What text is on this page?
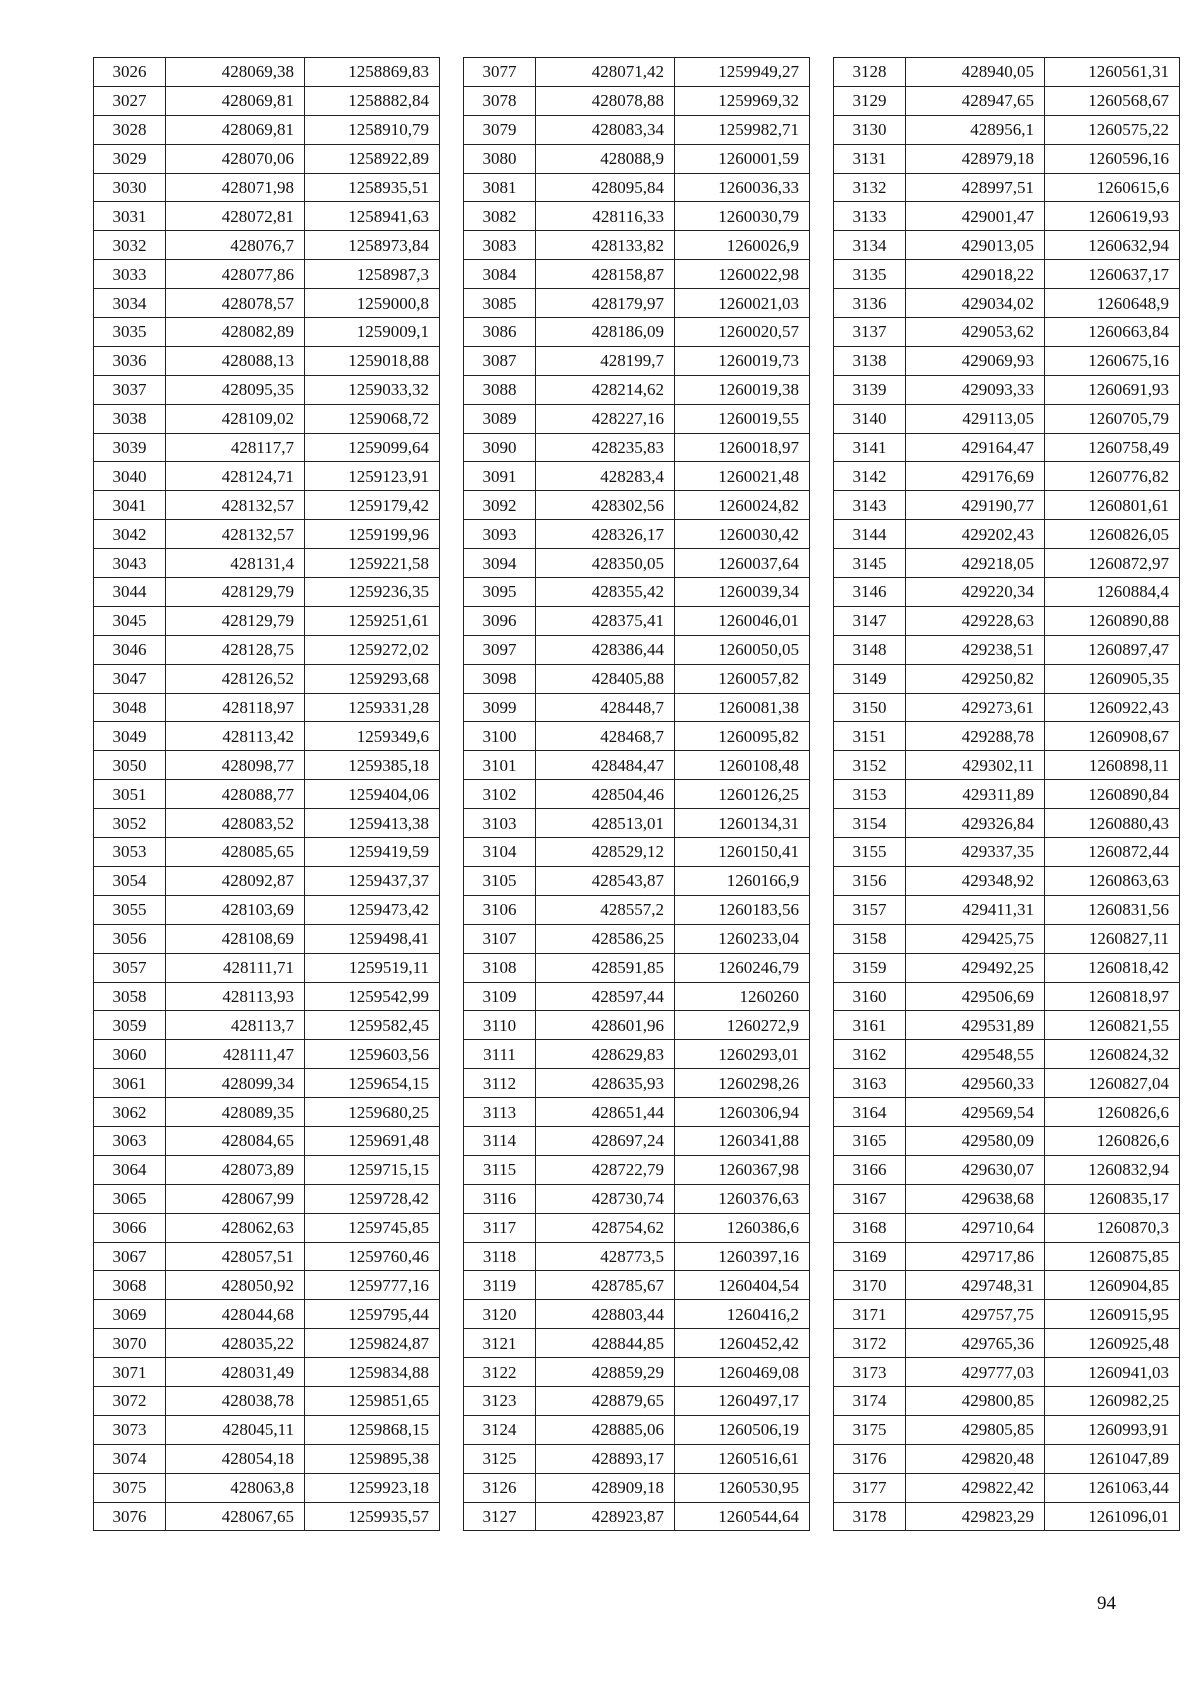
3026	428069,38	1258869,83
3027	428069,81	1258882,84
3028	428069,81	1258910,79
3029	428070,06	1258922,89
3030	428071,98	1258935,51
3031	428072,81	1258941,63
3032	428076,7	1258973,84
3033	428077,86	1258987,3
3034	428078,57	1259000,8
3035	428082,89	1259009,1
3036	428088,13	1259018,88
3037	428095,35	1259033,32
3038	428109,02	1259068,72
3039	428117,7	1259099,64
3040	428124,71	1259123,91
3041	428132,57	1259179,42
3042	428132,57	1259199,96
3043	428131,4	1259221,58
3044	428129,79	1259236,35
3045	428129,79	1259251,61
3046	428128,75	1259272,02
3047	428126,52	1259293,68
3048	428118,97	1259331,28
3049	428113,42	1259349,6
3050	428098,77	1259385,18
3051	428088,77	1259404,06
3052	428083,52	1259413,38
3053	428085,65	1259419,59
3054	428092,87	1259437,37
3055	428103,69	1259473,42
3056	428108,69	1259498,41
3057	428111,71	1259519,11
3058	428113,93	1259542,99
3059	428113,7	1259582,45
3060	428111,47	1259603,56
3061	428099,34	1259654,15
3062	428089,35	1259680,25
3063	428084,65	1259691,48
3064	428073,89	1259715,15
3065	428067,99	1259728,42
3066	428062,63	1259745,85
3067	428057,51	1259760,46
3068	428050,92	1259777,16
3069	428044,68	1259795,44
3070	428035,22	1259824,87
3071	428031,49	1259834,88
3072	428038,78	1259851,65
3073	428045,11	1259868,15
3074	428054,18	1259895,38
3075	428063,8	1259923,18
3076	428067,65	1259935,57
3077	428071,42	1259949,27
3078	428078,88	1259969,32
3079	428083,34	1259982,71
3080	428088,9	1260001,59
3081	428095,84	1260036,33
3082	428116,33	1260030,79
3083	428133,82	1260026,9
3084	428158,87	1260022,98
3085	428179,97	1260021,03
3086	428186,09	1260020,57
3087	428199,7	1260019,73
3088	428214,62	1260019,38
3089	428227,16	1260019,55
3090	428235,83	1260018,97
3091	428283,4	1260021,48
3092	428302,56	1260024,82
3093	428326,17	1260030,42
3094	428350,05	1260037,64
3095	428355,42	1260039,34
3096	428375,41	1260046,01
3097	428386,44	1260050,05
3098	428405,88	1260057,82
3099	428448,7	1260081,38
3100	428468,7	1260095,82
3101	428484,47	1260108,48
3102	428504,46	1260126,25
3103	428513,01	1260134,31
3104	428529,12	1260150,41
3105	428543,87	1260166,9
3106	428557,2	1260183,56
3107	428586,25	1260233,04
3108	428591,85	1260246,79
3109	428597,44	1260260
3110	428601,96	1260272,9
3111	428629,83	1260293,01
3112	428635,93	1260298,26
3113	428651,44	1260306,94
3114	428697,24	1260341,88
3115	428722,79	1260367,98
3116	428730,74	1260376,63
3117	428754,62	1260386,6
3118	428773,5	1260397,16
3119	428785,67	1260404,54
3120	428803,44	1260416,2
3121	428844,85	1260452,42
3122	428859,29	1260469,08
3123	428879,65	1260497,17
3124	428885,06	1260506,19
3125	428893,17	1260516,61
3126	428909,18	1260530,95
3127	428923,87	1260544,64
3128	428940,05	1260561,31
3129	428947,65	1260568,67
3130	428956,1	1260575,22
3131	428979,18	1260596,16
3132	428997,51	1260615,6
3133	429001,47	1260619,93
3134	429013,05	1260632,94
3135	429018,22	1260637,17
3136	429034,02	1260648,9
3137	429053,62	1260663,84
3138	429069,93	1260675,16
3139	429093,33	1260691,93
3140	429113,05	1260705,79
3141	429164,47	1260758,49
3142	429176,69	1260776,82
3143	429190,77	1260801,61
3144	429202,43	1260826,05
3145	429218,05	1260872,97
3146	429220,34	1260884,4
3147	429228,63	1260890,88
3148	429238,51	1260897,47
3149	429250,82	1260905,35
3150	429273,61	1260922,43
3151	429288,78	1260908,67
3152	429302,11	1260898,11
3153	429311,89	1260890,84
3154	429326,84	1260880,43
3155	429337,35	1260872,44
3156	429348,92	1260863,63
3157	429411,31	1260831,56
3158	429425,75	1260827,11
3159	429492,25	1260818,42
3160	429506,69	1260818,97
3161	429531,89	1260821,55
3162	429548,55	1260824,32
3163	429560,33	1260827,04
3164	429569,54	1260826,6
3165	429580,09	1260826,6
3166	429630,07	1260832,94
3167	429638,68	1260835,17
3168	429710,64	1260870,3
3169	429717,86	1260875,85
3170	429748,31	1260904,85
3171	429757,75	1260915,95
3172	429765,36	1260925,48
3173	429777,03	1260941,03
3174	429800,85	1260982,25
3175	429805,85	1260993,91
3176	429820,48	1261047,89
3177	429822,42	1261063,44
3178	429823,29	1261096,01
94
